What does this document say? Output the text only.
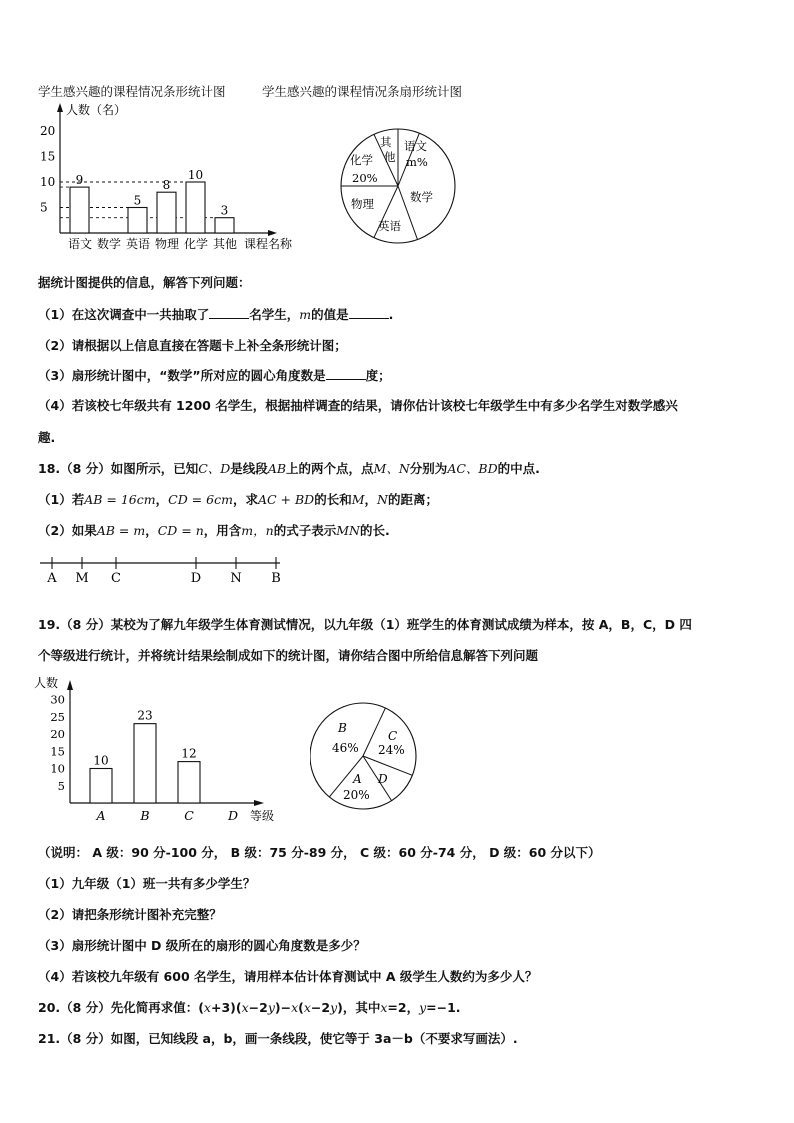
学生感兴趣的课程情况条形统计图	学生感兴趣的课程情况条扇形统计图
人数（名）
课程名称
5
10
15
20
9
5
8
10
3
语文 数学 英语 物理 化学 其他
其
他
语文
m%
化学
20%
物理	数学
英语
据统计图提供的信息，解答下列问题：
（1）在这次调查中一共抽取了	名学生，m的值是	.
（2）请根据以上信息直接在答题卡上补全条形统计图；
（3）扇形统计图中，“数学”所对应的圆心角度数是	度；
（4）若该校七年级共有 1200 名学生，根据抽样调查的结果，请你估计该校七年级学生中有多少名学生对数学感兴
趣.
18.（8 分）如图所示，已知C、D是线段AB上的两个点，点M、N分别为AC、BD的中点.
（1）若AB = 16cm，CD = 6cm，求AC + BD的长和M，N的距离；
（2）如果AB = m，CD = n，用含m，n的式子表示MN的长.
A M C	D N B
19.（8 分）某校为了解九年级学生体育测试情况，以九年级（1）班学生的体育测试成绩为样本，按 A，B，C，D 四
个等级进行统计，并将统计结果绘制成如下的统计图，请你结合图中所给信息解答下列问题
人数
等级
5
10
15
20
25
30
10
A
23
B
12
C	D
B
46%
C
24%
A
20%
D
（说明： A 级：90 分-100 分， B 级：75 分-89 分， C 级：60 分-74 分， D 级：60 分以下）
（1）九年级（1）班一共有多少学生？
（2）请把条形统计图补充完整？
（3）扇形统计图中 D 级所在的扇形的圆心角度数是多少？
（4）若该校九年级有 600 名学生，请用样本估计体育测试中 A 级学生人数约为多少人？
20.（8 分）先化简再求值：(x+3)(x−2y)−x(x−2y)，其中x=2，y=−1.
21.（8 分）如图，已知线段 a，b，画一条线段，使它等于 3a－b（不要求写画法）.
